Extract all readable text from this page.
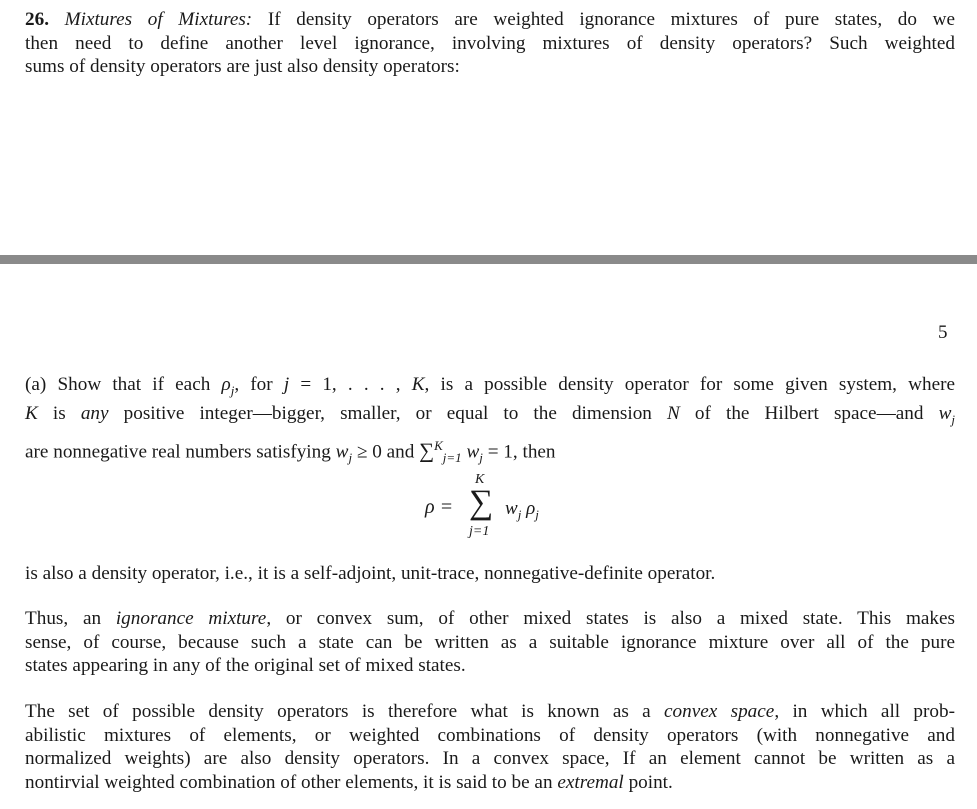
26. Mixtures of Mixtures: If density operators are weighted ignorance mixtures of pure states, do we
then need to define another level ignorance, involving mixtures of density operators? Such weighted
sums of density operators are just also density operators:
5
(a) Show that if each $\rho_j$, for j = 1, . . . , K, is a possible density operator for some given system, where
K is any positive integer—bigger, smaller, or equal to the dimension N of the Hilbert space—and $w_j$
are nonnegative real numbers satisfying $w_j \ge 0$ and ∑$^K_{j=1}$ $w_j = 1$, then
ρ =
K
∑
j=1
$w_j$ $\rho_j$
is also a density operator, i.e., it is a self-adjoint, unit-trace, nonnegative-definite operator.
Thus, an ignorance mixture, or convex sum, of other mixed states is also a mixed state. This makes
sense, of course, because such a state can be written as a suitable ignorance mixture over all of the pure
states appearing in any of the original set of mixed states.
The set of possible density operators is therefore what is known as a convex space, in which all prob-
abilistic mixtures of elements, or weighted combinations of density operators (with nonnegative and
normalized weights) are also density operators. In a convex space, If an element cannot be written as a
nontirvial weighted combination of other elements, it is said to be an extremal point.
